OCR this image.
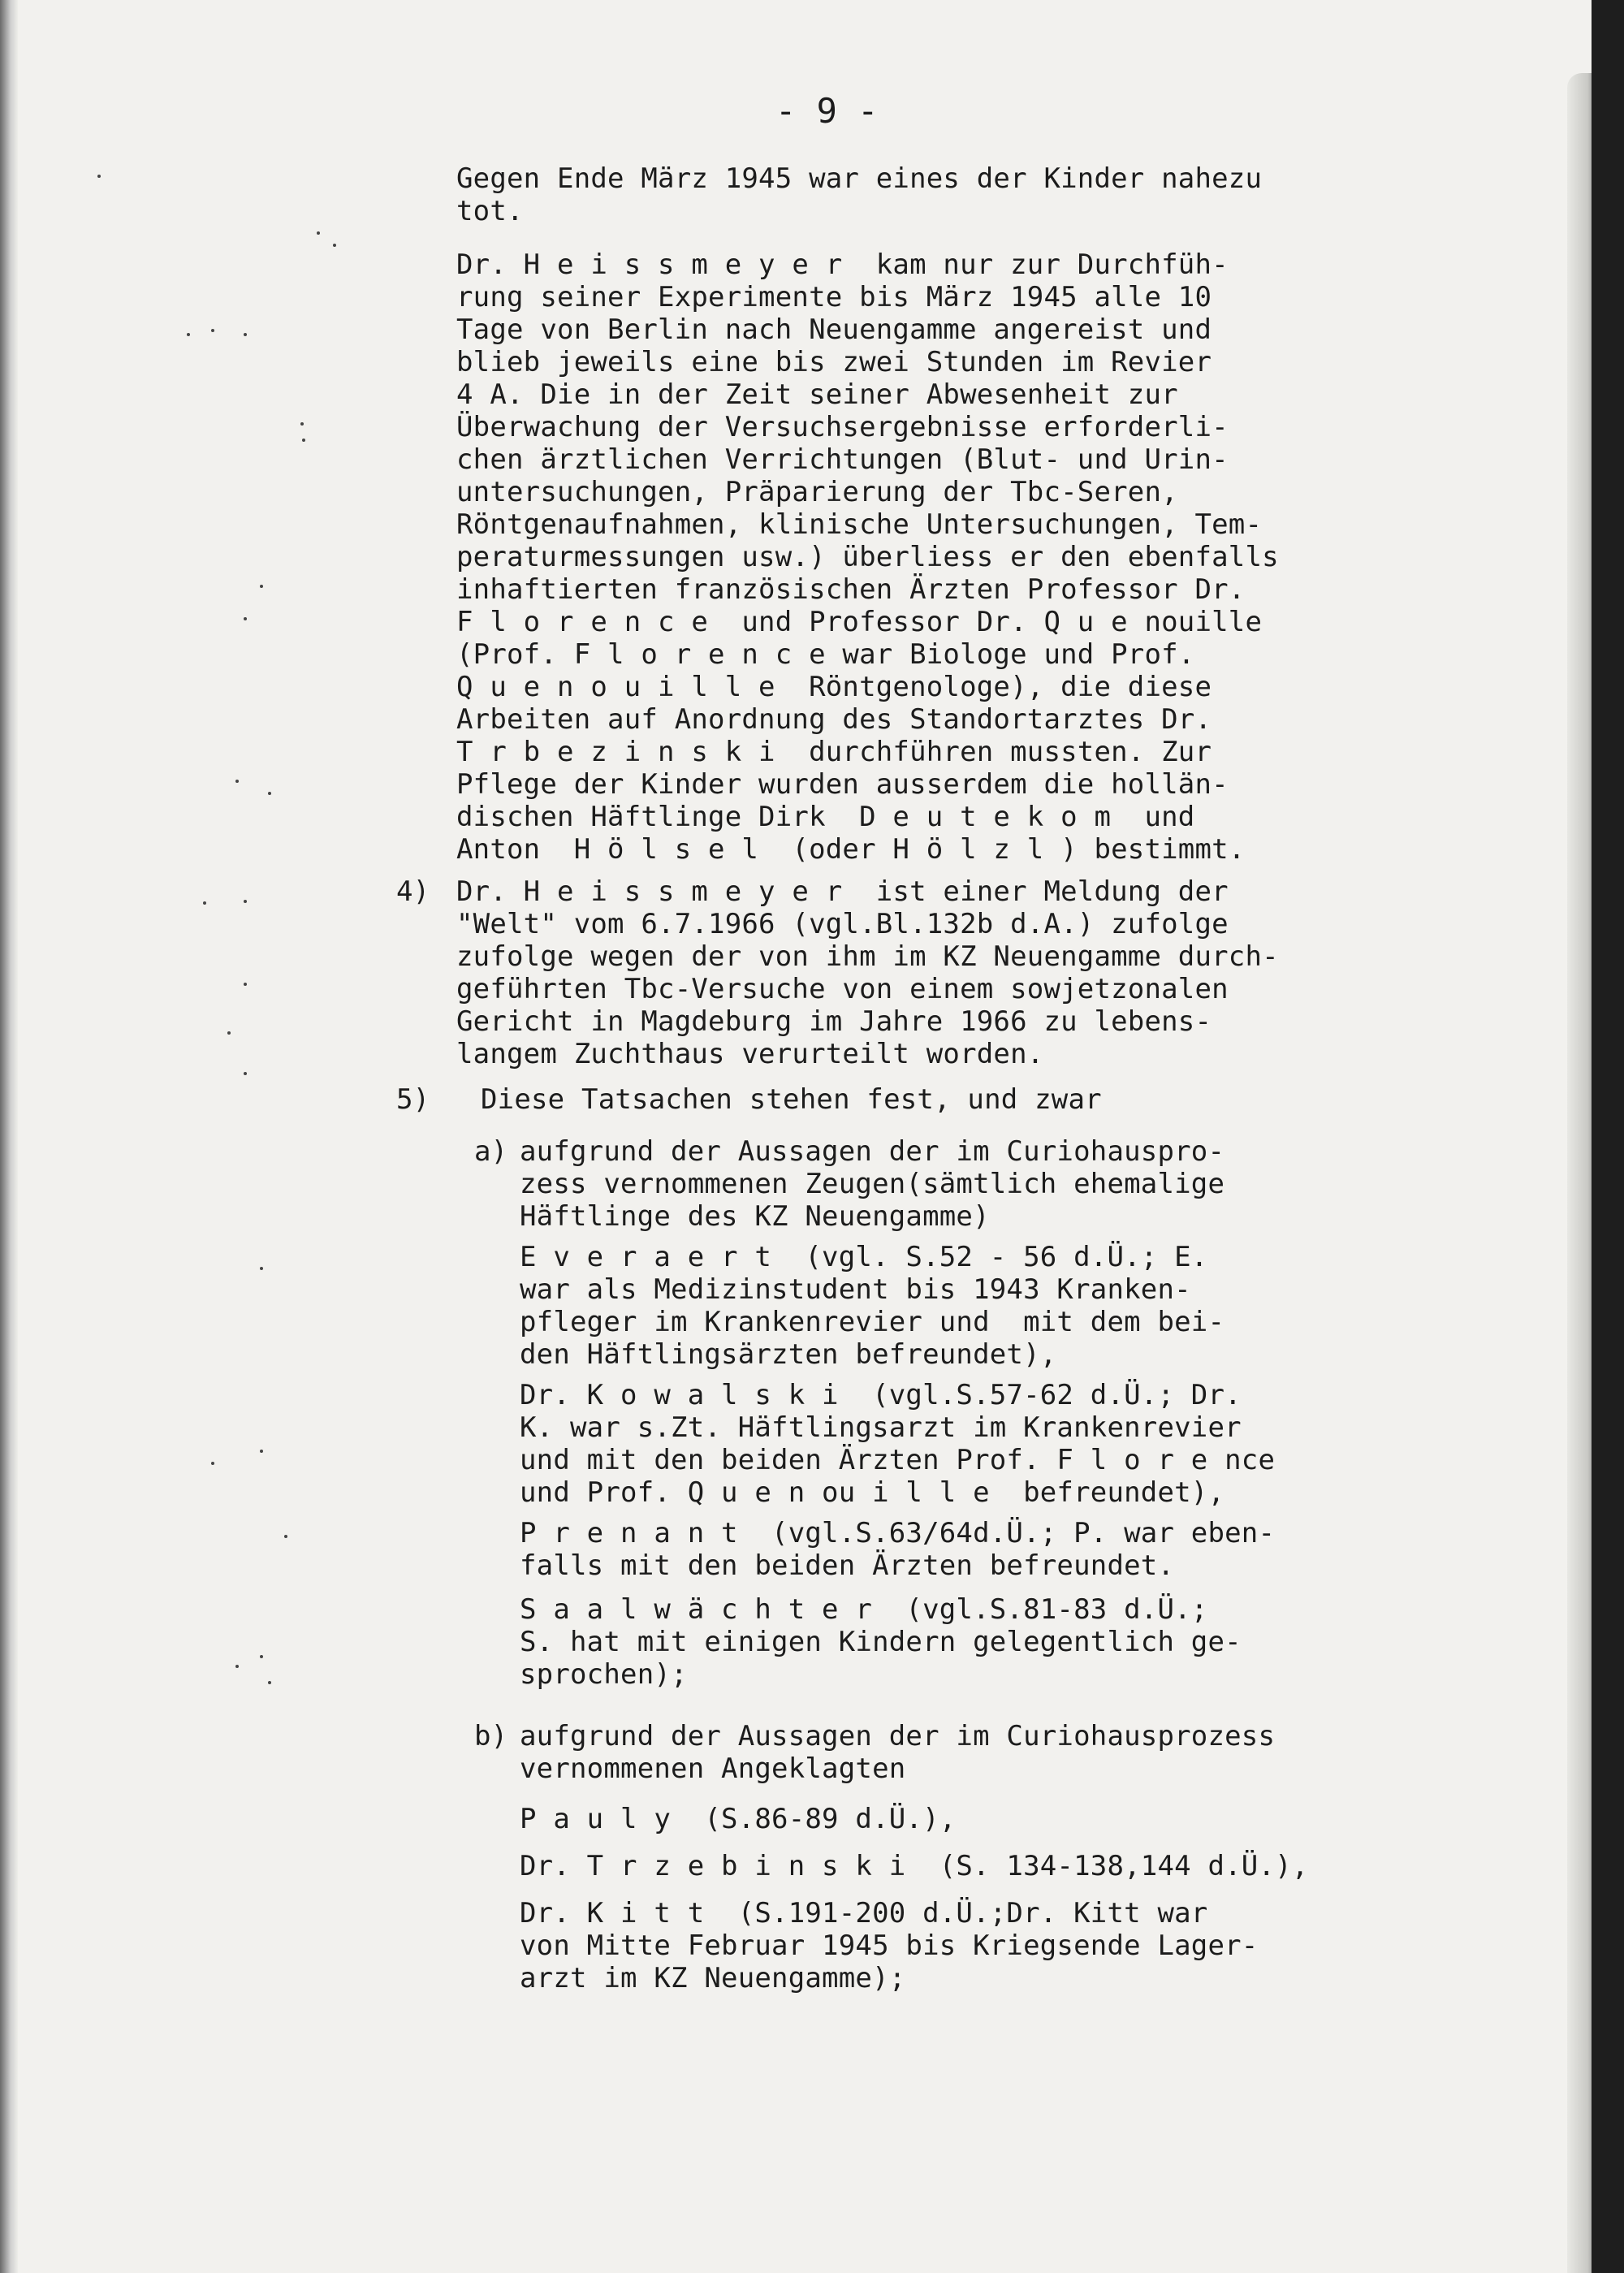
- 9 -
Gegen Ende März 1945 war eines der Kinder nahezu
tot.
Dr. H e i s s m e y e r  kam nur zur Durchfüh-
rung seiner Experimente bis März 1945 alle 10
Tage von Berlin nach Neuengamme angereist und
blieb jeweils eine bis zwei Stunden im Revier
4 A. Die in der Zeit seiner Abwesenheit zur
Überwachung der Versuchsergebnisse erforderli-
chen ärztlichen Verrichtungen (Blut- und Urin-
untersuchungen, Präparierung der Tbc-Seren,
Röntgenaufnahmen, klinische Untersuchungen, Tem-
peraturmessungen usw.) überliess er den ebenfalls
inhaftierten französischen Ärzten Professor Dr.
F l o r e n c e  und Professor Dr. Q u e nouille
(Prof. F l o r e n c e war Biologe und Prof.
Q u e n o u i l l e  Röntgenologe), die diese
Arbeiten auf Anordnung des Standortarztes Dr.
T r b e z i n s k i  durchführen mussten. Zur
Pflege der Kinder wurden ausserdem die hollän-
dischen Häftlinge Dirk  D e u t e k o m  und
Anton  H ö l s e l  (oder H ö l z l ) bestimmt.
Dr. H e i s s m e y e r  ist einer Meldung der
"Welt" vom 6.7.1966 (vgl.Bl.132b d.A.) zufolge
zufolge wegen der von ihm im KZ Neuengamme durch-
geführten Tbc-Versuche von einem sowjetzonalen
Gericht in Magdeburg im Jahre 1966 zu lebens-
langem Zuchthaus verurteilt worden.
Diese Tatsachen stehen fest, und zwar
aufgrund der Aussagen der im Curiohauspro-
zess vernommenen Zeugen(sämtlich ehemalige
Häftlinge des KZ Neuengamme)
E v e r a e r t  (vgl. S.52 - 56 d.Ü.; E.
war als Medizinstudent bis 1943 Kranken-
pfleger im Krankenrevier und  mit dem bei-
den Häftlingsärzten befreundet),
Dr. K o w a l s k i  (vgl.S.57-62 d.Ü.; Dr.
K. war s.Zt. Häftlingsarzt im Krankenrevier
und mit den beiden Ärzten Prof. F l o r e nce
und Prof. Q u e n ou i l l e  befreundet),
P r e n a n t  (vgl.S.63/64d.Ü.; P. war eben-
falls mit den beiden Ärzten befreundet.
S a a l w ä c h t e r  (vgl.S.81-83 d.Ü.;
S. hat mit einigen Kindern gelegentlich ge-
sprochen);
aufgrund der Aussagen der im Curiohausprozess
vernommenen Angeklagten
P a u l y  (S.86-89 d.Ü.),
Dr. T r z e b i n s k i  (S. 134-138,144 d.Ü.),
Dr. K i t t  (S.191-200 d.Ü.;Dr. Kitt war
von Mitte Februar 1945 bis Kriegsende Lager-
arzt im KZ Neuengamme);
4)
5)
a)
b)
